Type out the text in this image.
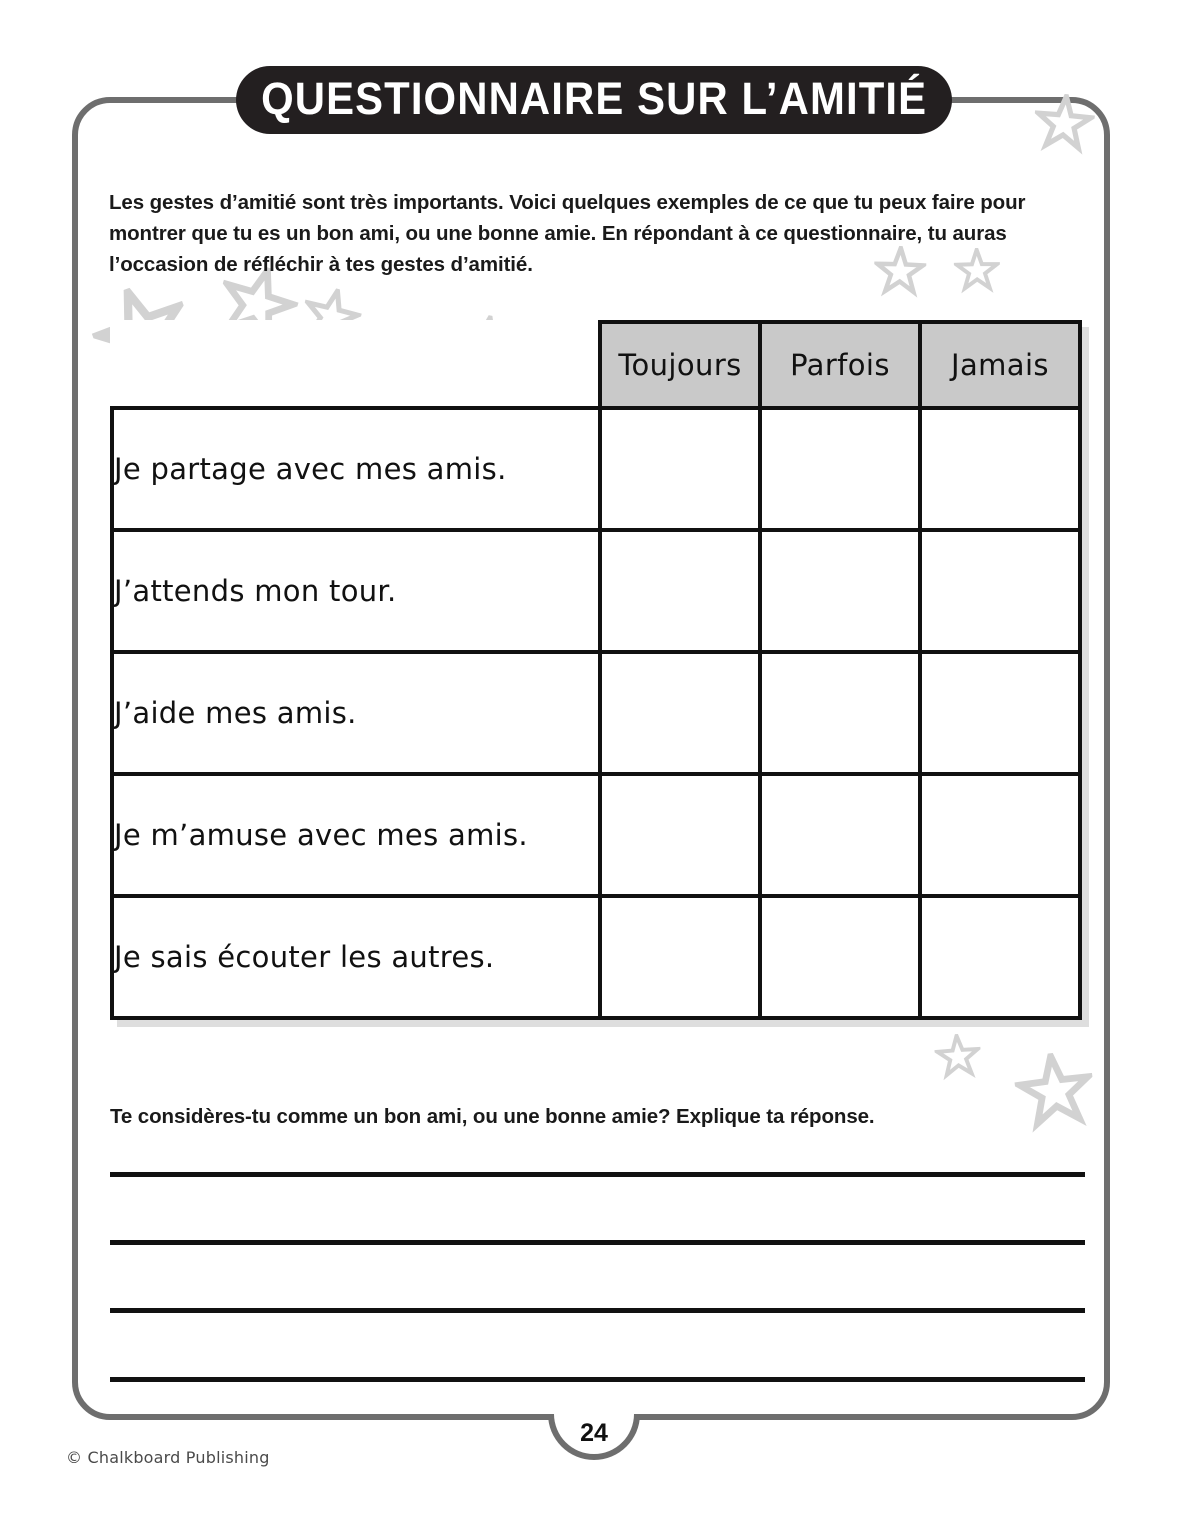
QUESTIONNAIRE SUR L’AMITIÉ

Les gestes d’amitié sont très importants. Voici quelques exemples de ce que tu peux faire pour montrer que tu es un bon ami, ou une bonne amie. En répondant à ce questionnaire, tu auras l’occasion de réfléchir à tes gestes d’amitié.

	Toujours	Parfois	Jamais
Je partage avec mes amis.			
J’attends mon tour.			
J’aide mes amis.			
Je m’amuse avec mes amis.			
Je sais écouter les autres.			

Te considères-tu comme un bon ami, ou une bonne amie? Explique ta réponse.

24
© Chalkboard Publishing
